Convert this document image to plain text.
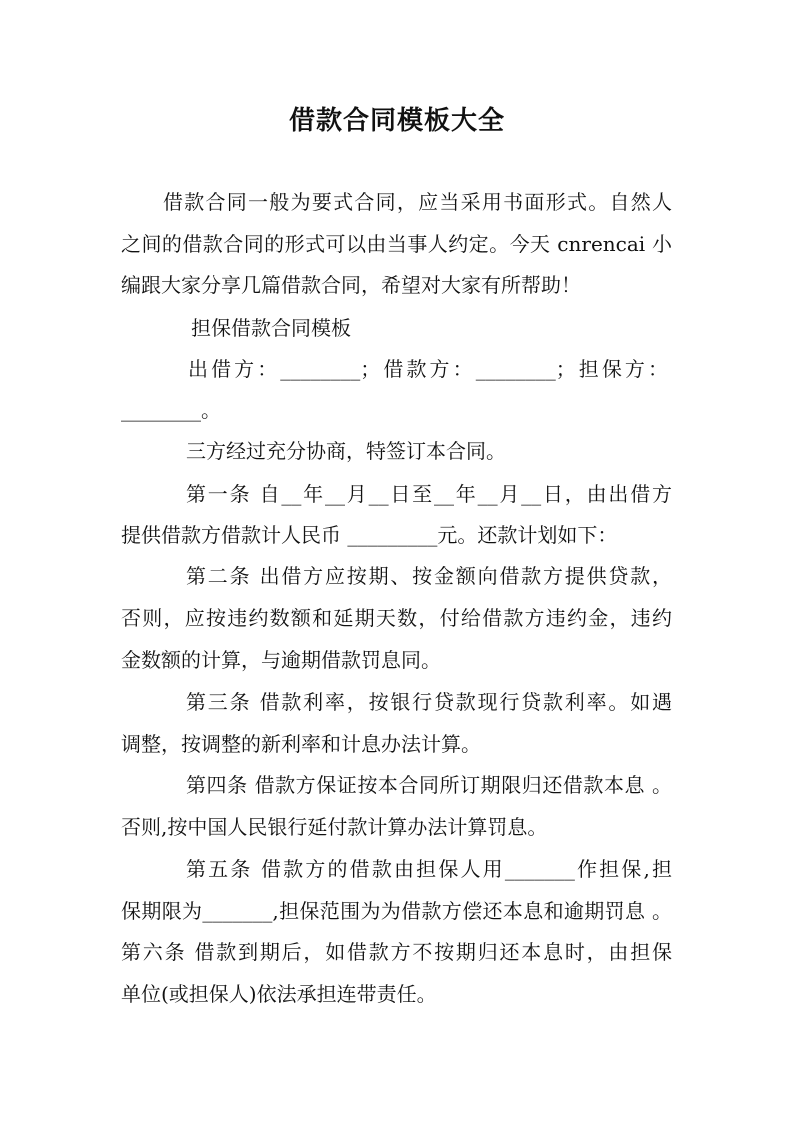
借款合同模板大全
借款合同一般为要式合同，应当采用书面形式。自然人
之间的借款合同的形式可以由当事人约定。今天 cnrencai 小
编跟大家分享几篇借款合同，希望对大家有所帮助！
担保借款合同模板
出借方：________；借款方：________；担保方：
________。
三方经过充分协商，特签订本合同。
第一条 自__年__月__日至__年__月__日，由出借方
提供借款方借款计人民币 _________元。还款计划如下：
第二条 出借方应按期、按金额向借款方提供贷款，
否则，应按违约数额和延期天数，付给借款方违约金，违约
金数额的计算，与逾期借款罚息同。
第三条 借款利率，按银行贷款现行贷款利率。如遇
调整，按调整的新利率和计息办法计算。
第四条 借款方保证按本合同所订期限归还借款本息 。
否则,按中国人民银行延付款计算办法计算罚息。
第五条 借款方的借款由担保人用_______作担保,担
保期限为_______,担保范围为为借款方偿还本息和逾期罚息 。
第六条 借款到期后，如借款方不按期归还本息时，由担保
单位(或担保人)依法承担连带责任。
